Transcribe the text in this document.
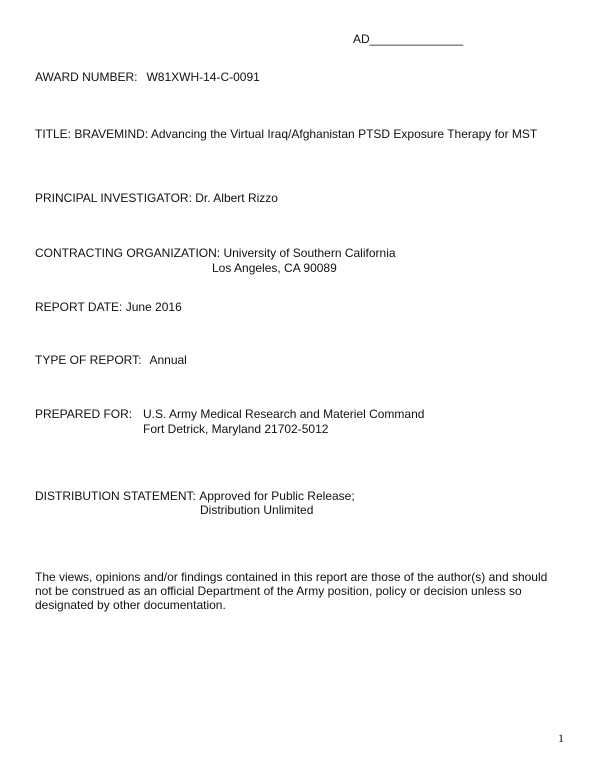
AD______________
AWARD NUMBER: W81XWH-14-C-0091
TITLE: BRAVEMIND: Advancing the Virtual Iraq/Afghanistan PTSD Exposure Therapy for MST
PRINCIPAL INVESTIGATOR: Dr. Albert Rizzo
CONTRACTING ORGANIZATION: University of Southern California
Los Angeles, CA 90089
REPORT DATE: June 2016
TYPE OF REPORT: Annual
PREPARED FOR: U.S. Army Medical Research and Materiel Command
Fort Detrick, Maryland 21702-5012
DISTRIBUTION STATEMENT: Approved for Public Release;
Distribution Unlimited
The views, opinions and/or findings contained in this report are those of the author(s) and should not be construed as an official Department of the Army position, policy or decision unless so designated by other documentation.
1
